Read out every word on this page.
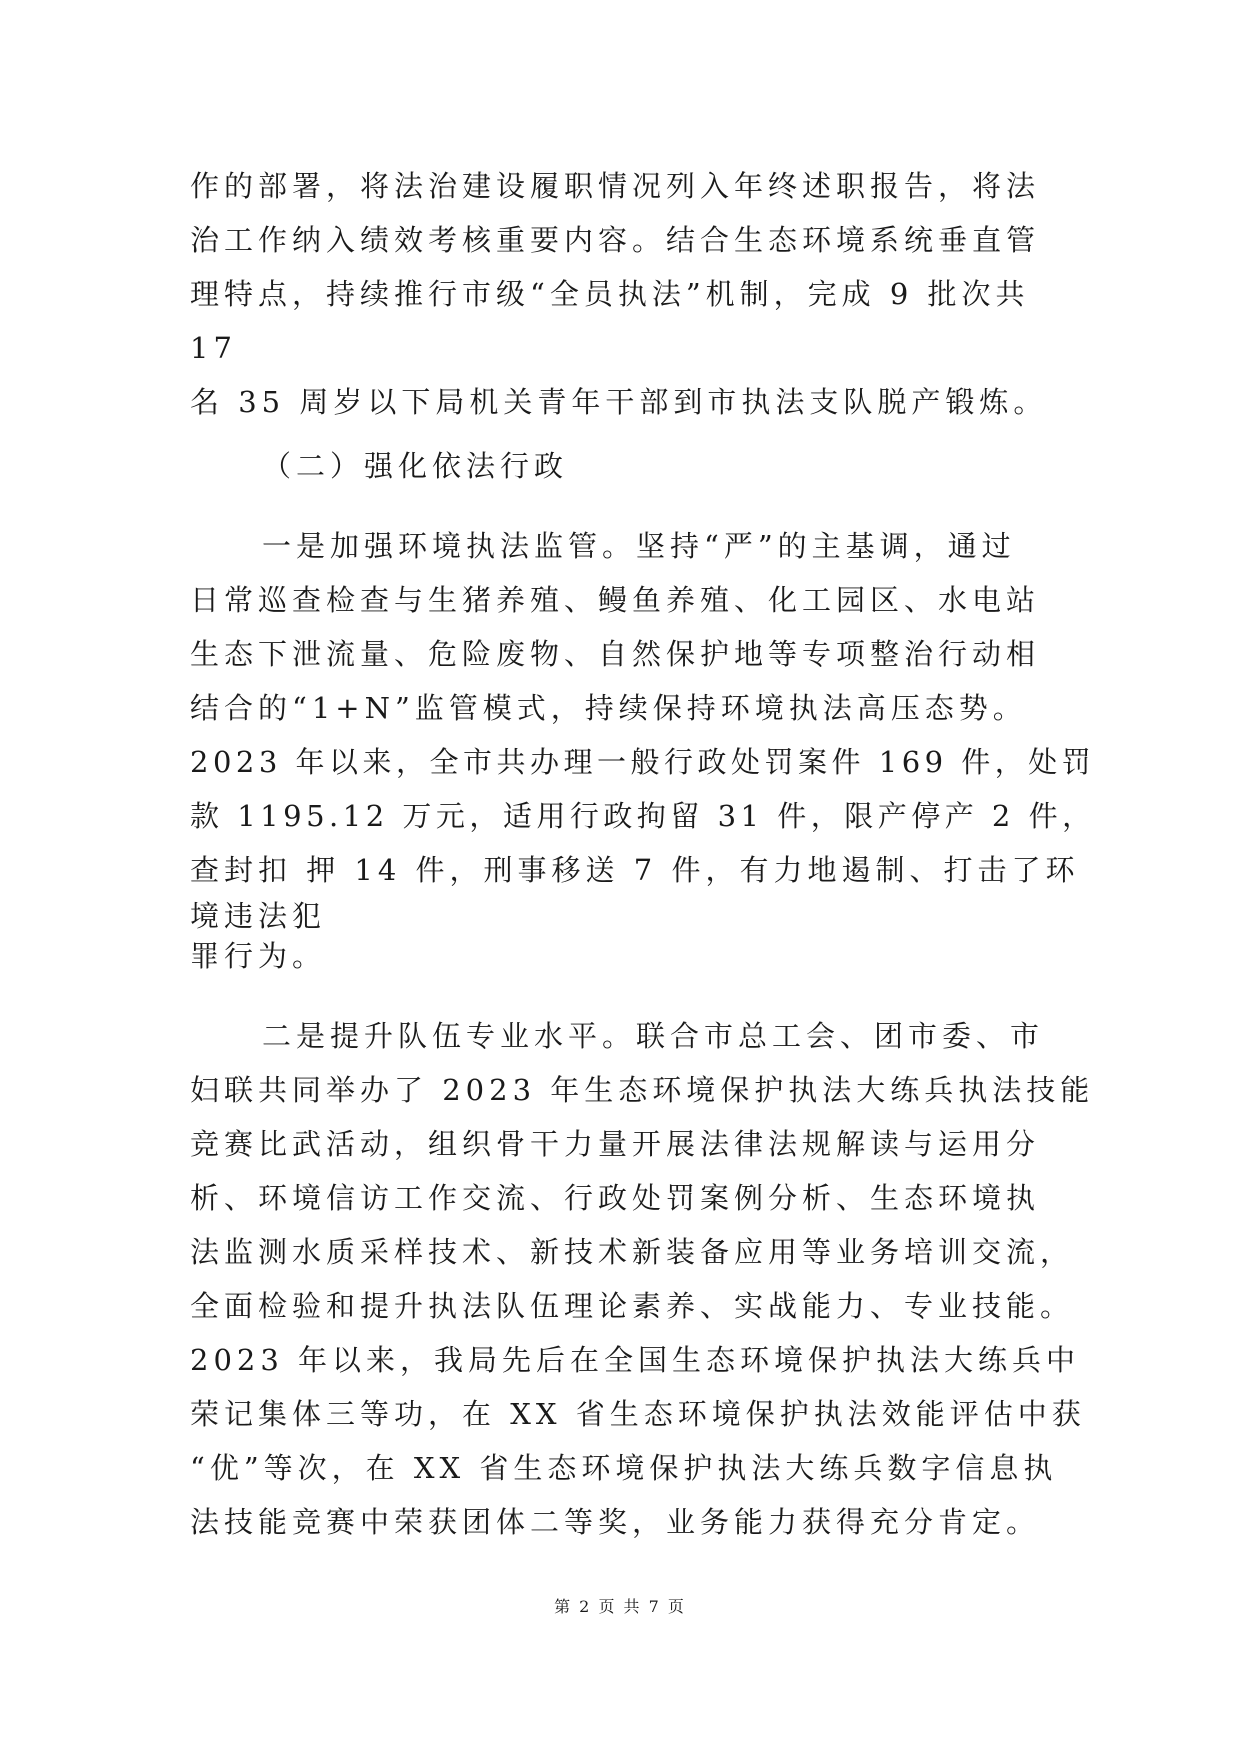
作的部署，将法治建设履职情况列入年终述职报告，将法
治工作纳入绩效考核重要内容。结合生态环境系统垂直管
理特点，持续推行市级“全员执法”机制，完成 9 批次共
17
名 35 周岁以下局机关青年干部到市执法支队脱产锻炼。
（二）强化依法行政
一是加强环境执法监管。坚持“严”的主基调，通过
日常巡查检查与生猪养殖、鳗鱼养殖、化工园区、水电站
生态下泄流量、危险废物、自然保护地等专项整治行动相
结合的“1+N”监管模式，持续保持环境执法高压态势。
2023 年以来，全市共办理一般行政处罚案件 169 件，处罚
款 1195.12 万元，适用行政拘留 31 件，限产停产 2 件，
查封扣 押 14 件，刑事移送 7 件，有力地遏制、打击了环
境违法犯
罪行为。
二是提升队伍专业水平。联合市总工会、团市委、市
妇联共同举办了 2023 年生态环境保护执法大练兵执法技能
竞赛比武活动，组织骨干力量开展法律法规解读与运用分
析、环境信访工作交流、行政处罚案例分析、生态环境执
法监测水质采样技术、新技术新装备应用等业务培训交流，
全面检验和提升执法队伍理论素养、实战能力、专业技能。
2023 年以来，我局先后在全国生态环境保护执法大练兵中
荣记集体三等功，在 XX 省生态环境保护执法效能评估中获
“优”等次，在 XX 省生态环境保护执法大练兵数字信息执
法技能竞赛中荣获团体二等奖，业务能力获得充分肯定。
第 2 页 共 7 页
